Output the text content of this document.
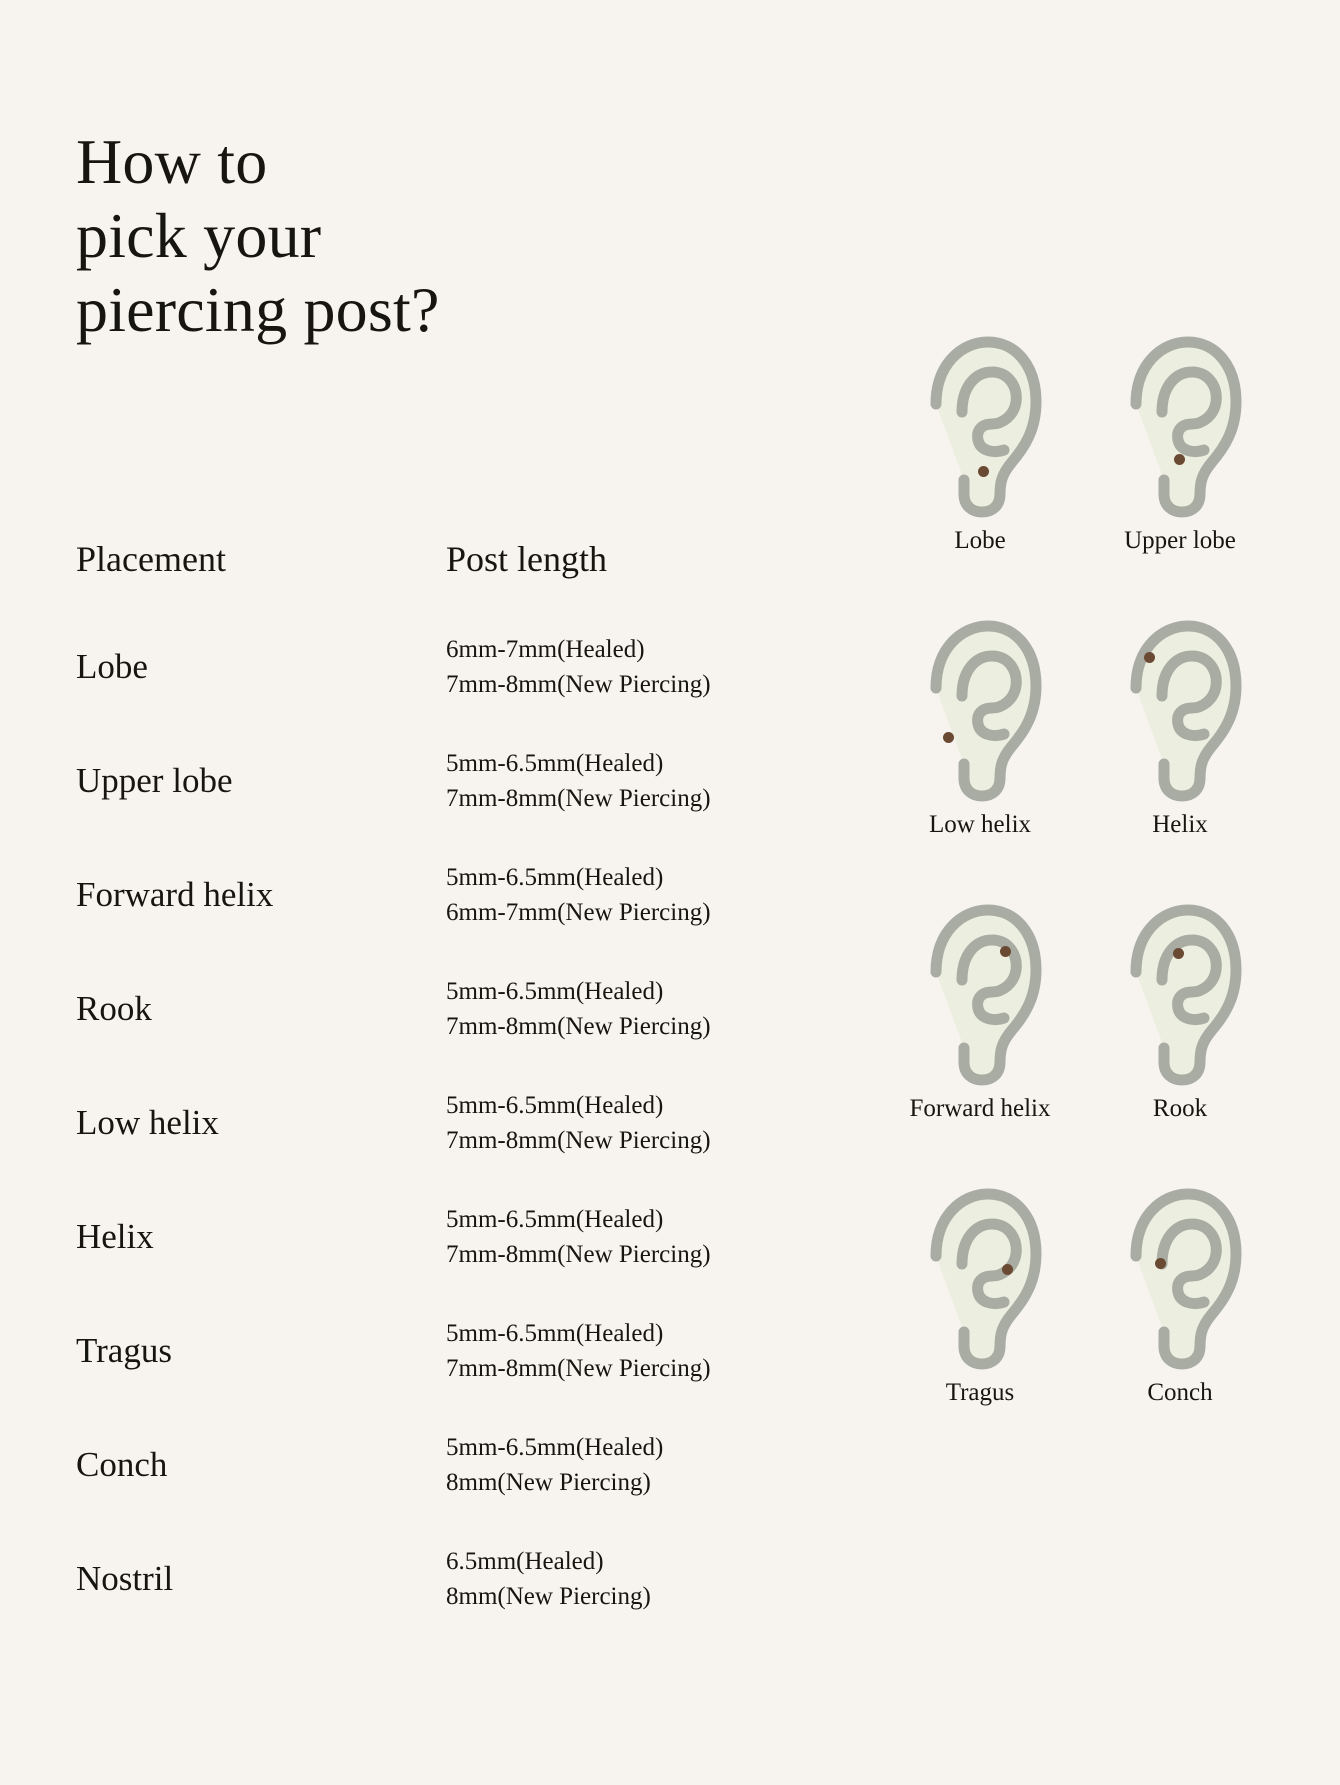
How to
pick your
piercing post?
Placement	Post length
Lobe	6mm-7mm(Healed)
7mm-8mm(New Piercing)
Upper lobe	5mm-6.5mm(Healed)
7mm-8mm(New Piercing)
Forward helix	5mm-6.5mm(Healed)
6mm-7mm(New Piercing)
Rook	5mm-6.5mm(Healed)
7mm-8mm(New Piercing)
Low helix	5mm-6.5mm(Healed)
7mm-8mm(New Piercing)
Helix	5mm-6.5mm(Healed)
7mm-8mm(New Piercing)
Tragus	5mm-6.5mm(Healed)
7mm-8mm(New Piercing)
Conch	5mm-6.5mm(Healed)
8mm(New Piercing)
Nostril	6.5mm(Healed)
8mm(New Piercing)
Lobe	Upper lobe
Low helix	Helix
Forward helix	Rook
Tragus	Conch
